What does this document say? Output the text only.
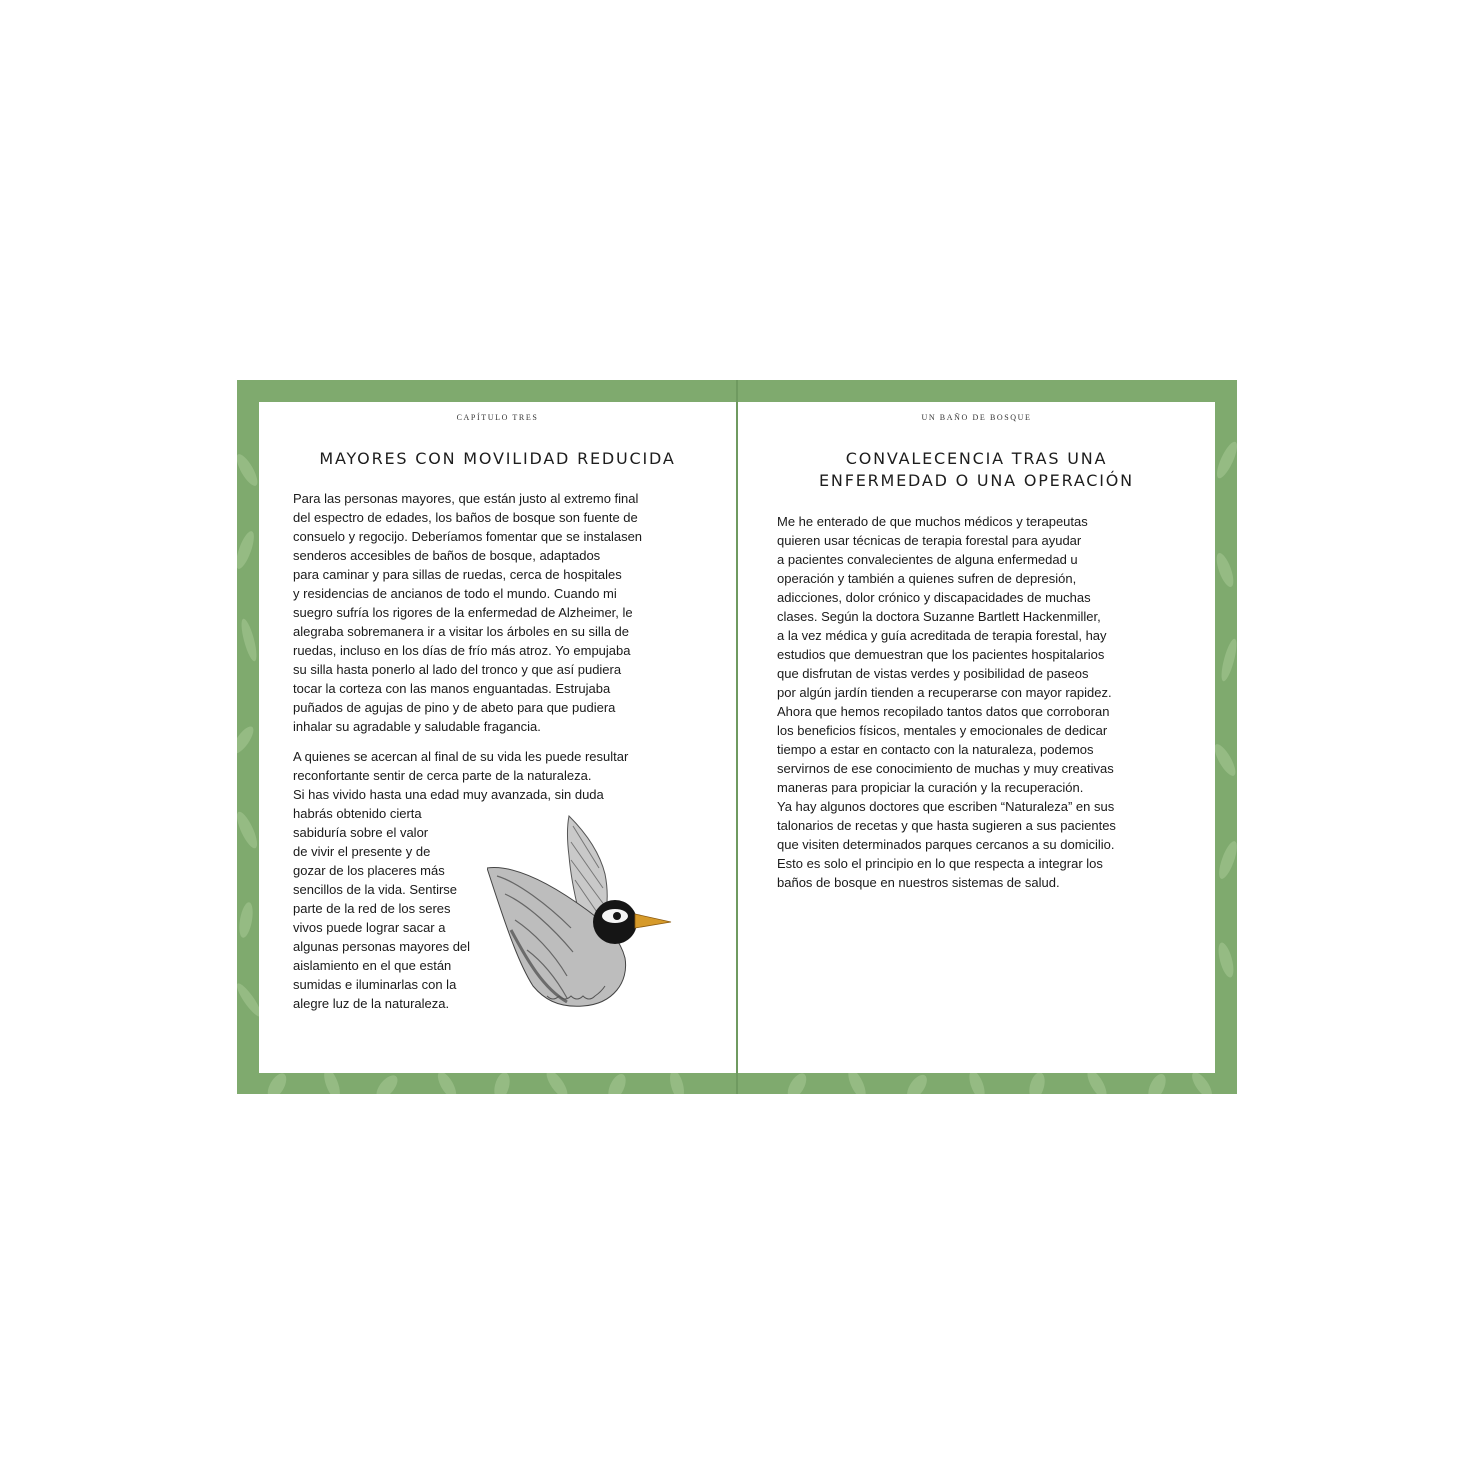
CAPÍTULO TRES
MAYORES CON MOVILIDAD REDUCIDA
Para las personas mayores, que están justo al extremo final
del espectro de edades, los baños de bosque son fuente de
consuelo y regocijo. Deberíamos fomentar que se instalasen
senderos accesibles de baños de bosque, adaptados
para caminar y para sillas de ruedas, cerca de hospitales
y residencias de ancianos de todo el mundo. Cuando mi
suegro sufría los rigores de la enfermedad de Alzheimer, le
alegraba sobremanera ir a visitar los árboles en su silla de
ruedas, incluso en los días de frío más atroz. Yo empujaba
su silla hasta ponerlo al lado del tronco y que así pudiera
tocar la corteza con las manos enguantadas. Estrujaba
puñados de agujas de pino y de abeto para que pudiera
inhalar su agradable y saludable fragancia.
A quienes se acercan al final de su vida les puede resultar
reconfortante sentir de cerca parte de la naturaleza.
Si has vivido hasta una edad muy avanzada, sin duda
habrás obtenido cierta
sabiduría sobre el valor
de vivir el presente y de
gozar de los placeres más
sencillos de la vida. Sentirse
parte de la red de los seres
vivos puede lograr sacar a
algunas personas mayores del
aislamiento en el que están
sumidas e iluminarlas con la
alegre luz de la naturaleza.
UN BAÑO DE BOSQUE
CONVALECENCIA TRAS UNA
ENFERMEDAD O UNA OPERACIÓN
Me he enterado de que muchos médicos y terapeutas
quieren usar técnicas de terapia forestal para ayudar
a pacientes convalecientes de alguna enfermedad u
operación y también a quienes sufren de depresión,
adicciones, dolor crónico y discapacidades de muchas
clases. Según la doctora Suzanne Bartlett Hackenmiller,
a la vez médica y guía acreditada de terapia forestal, hay
estudios que demuestran que los pacientes hospitalarios
que disfrutan de vistas verdes y posibilidad de paseos
por algún jardín tienden a recuperarse con mayor rapidez.
Ahora que hemos recopilado tantos datos que corroboran
los beneficios físicos, mentales y emocionales de dedicar
tiempo a estar en contacto con la naturaleza, podemos
servirnos de ese conocimiento de muchas y muy creativas
maneras para propiciar la curación y la recuperación.
Ya hay algunos doctores que escriben “Naturaleza” en sus
talonarios de recetas y que hasta sugieren a sus pacientes
que visiten determinados parques cercanos a su domicilio.
Esto es solo el principio en lo que respecta a integrar los
baños de bosque en nuestros sistemas de salud.
